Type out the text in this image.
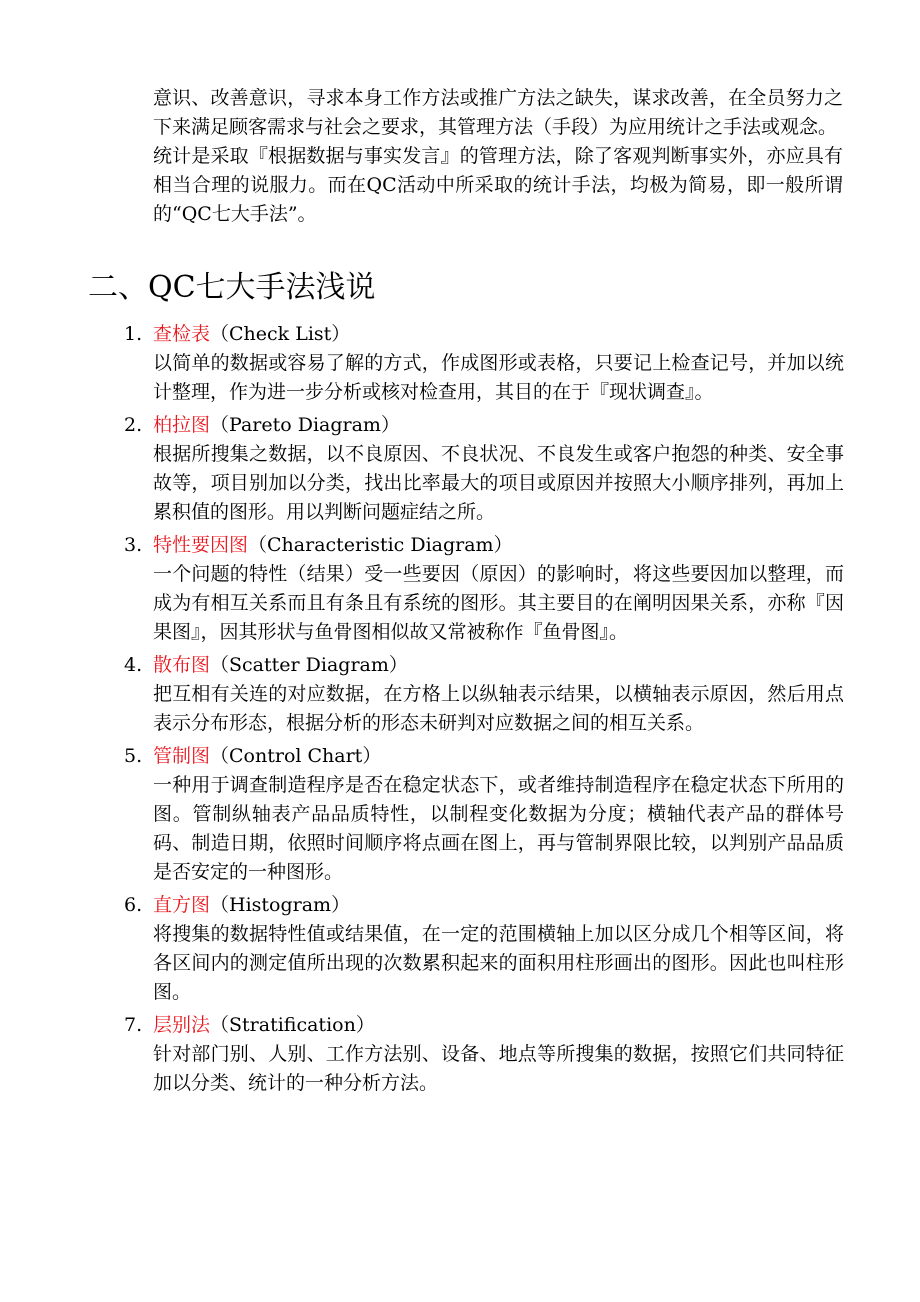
意识、改善意识，寻求本身工作方法或推广方法之缺失，谋求改善，在全员努力之下来满足顾客需求与社会之要求，其管理方法（手段）为应用统计之手法或观念。

统计是采取『根据数据与事实发言』的管理方法，除了客观判断事实外，亦应具有相当合理的说服力。而在QC活动中所采取的统计手法，均极为简易，即一般所谓的“QC七大手法”。

二、QC七大手法浅说
1. 查检表（Check List）
以简单的数据或容易了解的方式，作成图形或表格，只要记上检查记号，并加以统计整理，作为进一步分析或核对检查用，其目的在于『现状调查』。
2. 柏拉图（Pareto Diagram）
根据所搜集之数据，以不良原因、不良状况、不良发生或客户抱怨的种类、安全事故等，项目别加以分类，找出比率最大的项目或原因并按照大小顺序排列，再加上累积值的图形。用以判断问题症结之所。
3. 特性要因图（Characteristic Diagram）
一个问题的特性（结果）受一些要因（原因）的影响时，将这些要因加以整理，而成为有相互关系而且有条且有系统的图形。其主要目的在阐明因果关系，亦称『因果图』，因其形状与鱼骨图相似故又常被称作『鱼骨图』。
4. 散布图（Scatter Diagram）
把互相有关连的对应数据，在方格上以纵轴表示结果，以横轴表示原因，然后用点表示分布形态，根据分析的形态未研判对应数据之间的相互关系。
5. 管制图（Control Chart）
一种用于调查制造程序是否在稳定状态下，或者维持制造程序在稳定状态下所用的图。管制纵轴表产品品质特性，以制程变化数据为分度；横轴代表产品的群体号码、制造日期，依照时间顺序将点画在图上，再与管制界限比较，以判别产品品质是否安定的一种图形。
6. 直方图（Histogram）
将搜集的数据特性值或结果值，在一定的范围横轴上加以区分成几个相等区间，将各区间内的测定值所出现的次数累积起来的面积用柱形画出的图形。因此也叫柱形图。
7. 层别法（Stratification）
针对部门别、人别、工作方法别、设备、地点等所搜集的数据，按照它们共同特征加以分类、统计的一种分析方法。
